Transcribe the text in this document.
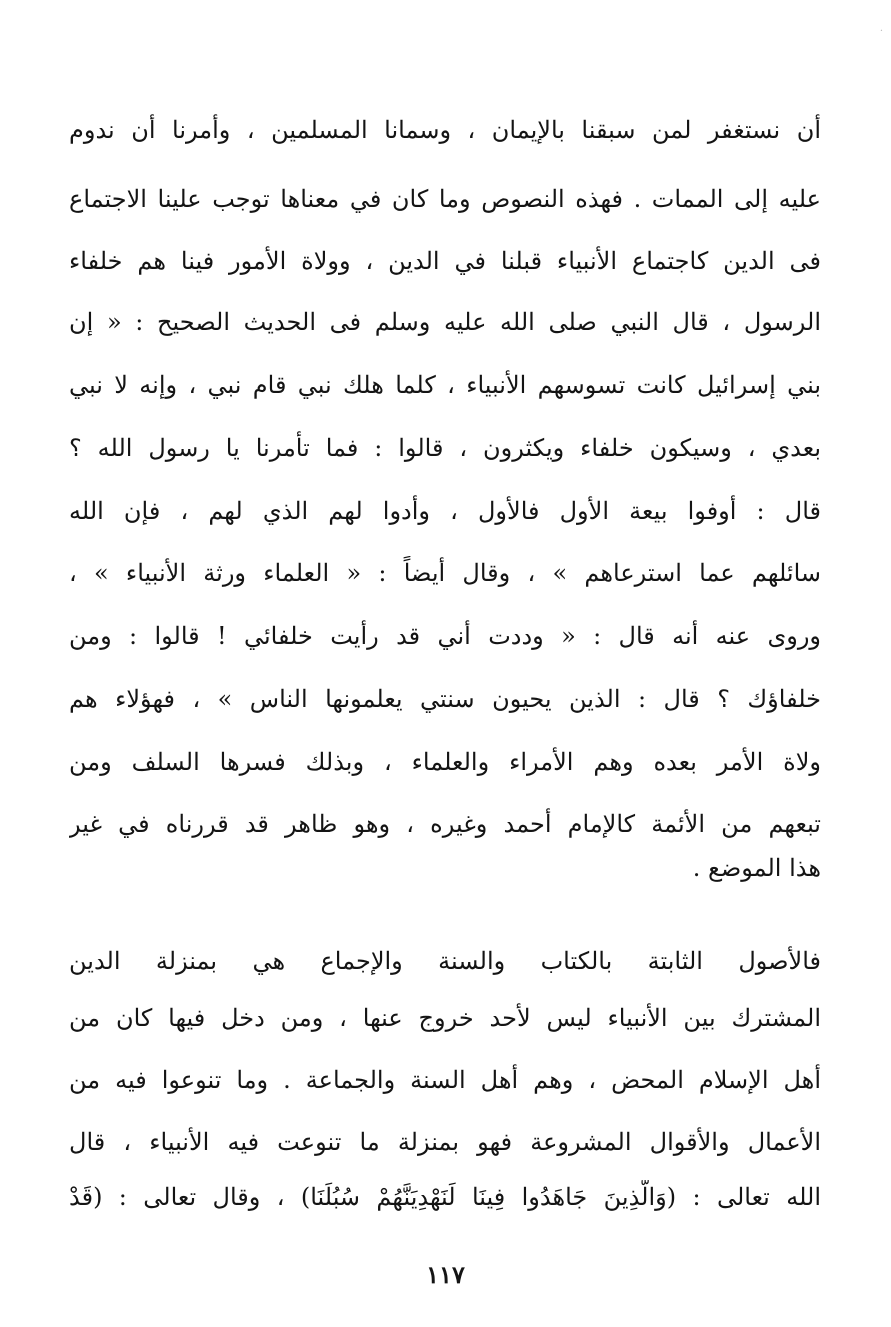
·
أن نستغفر لمن سبقنا بالإيمان ، وسمانا المسلمين ، وأمرنا أن ندوم
عليه إلى الممات . فهذه النصوص وما كان في معناها توجب علينا الاجتماع
فى الدين كاجتماع الأنبياء قبلنا في الدين ، وولاة الأمور فينا هم خلفاء
الرسول ، قال النبي صلى الله عليه وسلم فى الحديث الصحيح : « إن
بني إسرائيل كانت تسوسهم الأنبياء ، كلما هلك نبي قام نبي ، وإنه لا نبي
بعدي ، وسيكون خلفاء ويكثرون ، قالوا : فما تأمرنا يا رسول الله ؟
قال : أوفوا بيعة الأول فالأول ، وأدوا لهم الذي لهم ، فإن الله
سائلهم عما استرعاهم » ، وقال أيضاً : « العلماء ورثة الأنبياء » ،
وروى عنه أنه قال : « وددت أني قد رأيت خلفائي ! قالوا : ومن
خلفاؤك ؟ قال : الذين يحيون سنتي يعلمونها الناس » ، فهؤلاء هم
ولاة الأمر بعده وهم الأمراء والعلماء ، وبذلك فسرها السلف ومن
تبعهم من الأئمة كالإمام أحمد وغيره ، وهو ظاهر قد قررناه في غير
هذا الموضع .
فالأصول الثابتة بالكتاب والسنة والإجماع هي بمنزلة الدين
المشترك بين الأنبياء ليس لأحد خروج عنها ، ومن دخل فيها كان من
أهل الإسلام المحض ، وهم أهل السنة والجماعة . وما تنوعوا فيه من
الأعمال والأقوال المشروعة فهو بمنزلة ما تنوعت فيه الأنبياء ، قال
الله تعالى : (وَالَّذِينَ جَاهَدُوا فِينَا لَنَهْدِيَنَّهُمْ سُبُلَنَا) ، وقال تعالى : (قَدْ
١١٧
